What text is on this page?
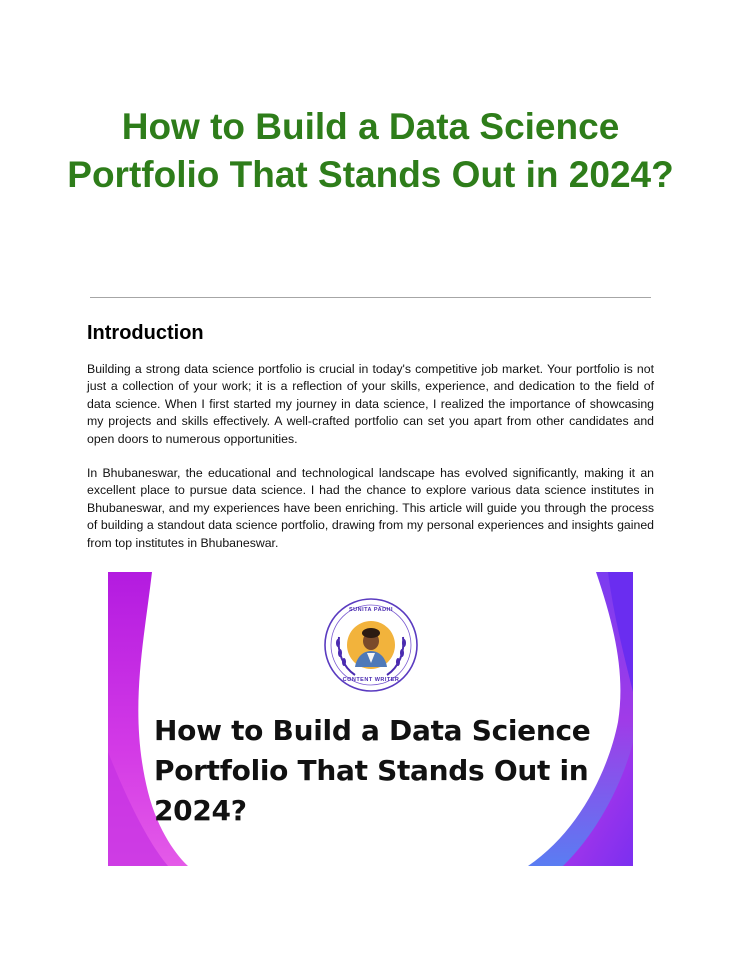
How to Build a Data Science Portfolio That Stands Out in 2024?
Introduction

Building a strong data science portfolio is crucial in today's competitive job market. Your portfolio is not just a collection of your work; it is a reflection of your skills, experience, and dedication to the field of data science. When I first started my journey in data science, I realized the importance of showcasing my projects and skills effectively. A well-crafted portfolio can set you apart from other candidates and open doors to numerous opportunities.

In Bhubaneswar, the educational and technological landscape has evolved significantly, making it an excellent place to pursue data science. I had the chance to explore various data science institutes in Bhubaneswar, and my experiences have been enriching. This article will guide you through the process of building a standout data science portfolio, drawing from my personal experiences and insights gained from top institutes in Bhubaneswar.

SUNITA PADHI
CONTENT WRITER
How to Build a Data Science Portfolio That Stands Out in 2024?
